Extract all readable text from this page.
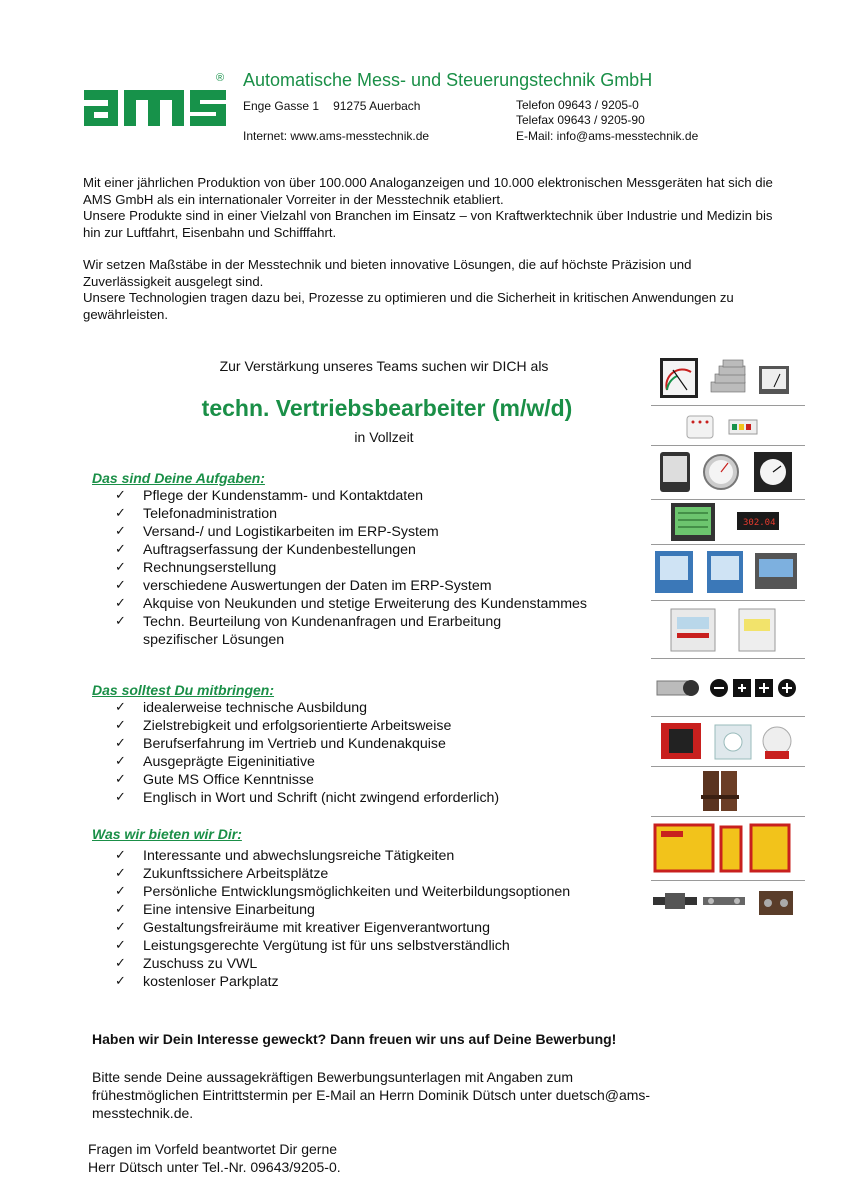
ams	® Automatische Mess- und Steuerungstechnik GmbH
Enge Gasse 1 91275 Auerbach
Internet: www.ams-messtechnik.de
Telefon 09643 / 9205-0
Telefax 09643 / 9205-90
E-Mail: info@ams-messtechnik.de
Mit einer jährlichen Produktion von über 100.000 Analoganzeigen und 10.000 elektronischen Messgeräten hat sich die AMS GmbH als ein internationaler Vorreiter in der Messtechnik etabliert.
Unsere Produkte sind in einer Vielzahl von Branchen im Einsatz – von Kraftwerktechnik über Industrie und Medizin bis hin zur Luftfahrt, Eisenbahn und Schifffahrt.
Wir setzen Maßstäbe in der Messtechnik und bieten innovative Lösungen, die auf höchste Präzision und Zuverlässigkeit ausgelegt sind.
Unsere Technologien tragen dazu bei, Prozesse zu optimieren und die Sicherheit in kritischen Anwendungen zu gewährleisten.
Zur Verstärkung unseres Teams suchen wir DICH als
techn. Vertriebsbearbeiter (m/w/d)
in Vollzeit
Das sind Deine Aufgaben:
✓ Pflege der Kundenstamm- und Kontaktdaten
✓ Telefonadministration
✓ Versand-/ und Logistikarbeiten im ERP-System
✓ Auftragserfassung der Kundenbestellungen
✓ Rechnungserstellung
✓ verschiedene Auswertungen der Daten im ERP-System
✓ Akquise von Neukunden und stetige Erweiterung des Kundenstammes
✓ Techn. Beurteilung von Kundenanfragen und Erarbeitung
spezifischer Lösungen
Das solltest Du mitbringen:
✓ idealerweise technische Ausbildung
✓ Zielstrebigkeit und erfolgsorientierte Arbeitsweise
✓ Berufserfahrung im Vertrieb und Kundenakquise
✓ Ausgeprägte Eigeninitiative
✓ Gute MS Office Kenntnisse
✓ Englisch in Wort und Schrift (nicht zwingend erforderlich)
Was wir bieten wir Dir:
✓ Interessante und abwechslungsreiche Tätigkeiten
✓ Zukunftssichere Arbeitsplätze
✓ Persönliche Entwicklungsmöglichkeiten und Weiterbildungsoptionen
✓ Eine intensive Einarbeitung
✓ Gestaltungsfreiräume mit kreativer Eigenverantwortung
✓ Leistungsgerechte Vergütung ist für uns selbstverständlich
✓ Zuschuss zu VWL
✓ kostenloser Parkplatz
Haben wir Dein Interesse geweckt? Dann freuen wir uns auf Deine Bewerbung!
Bitte sende Deine aussagekräftigen Bewerbungsunterlagen mit Angaben zum frühestmöglichen Eintrittstermin per E-Mail an Herrn Dominik Dütsch unter duetsch@ams-messtechnik.de.
Fragen im Vorfeld beantwortet Dir gerne
Herr Dütsch unter Tel.-Nr. 09643/9205-0.
302.04
